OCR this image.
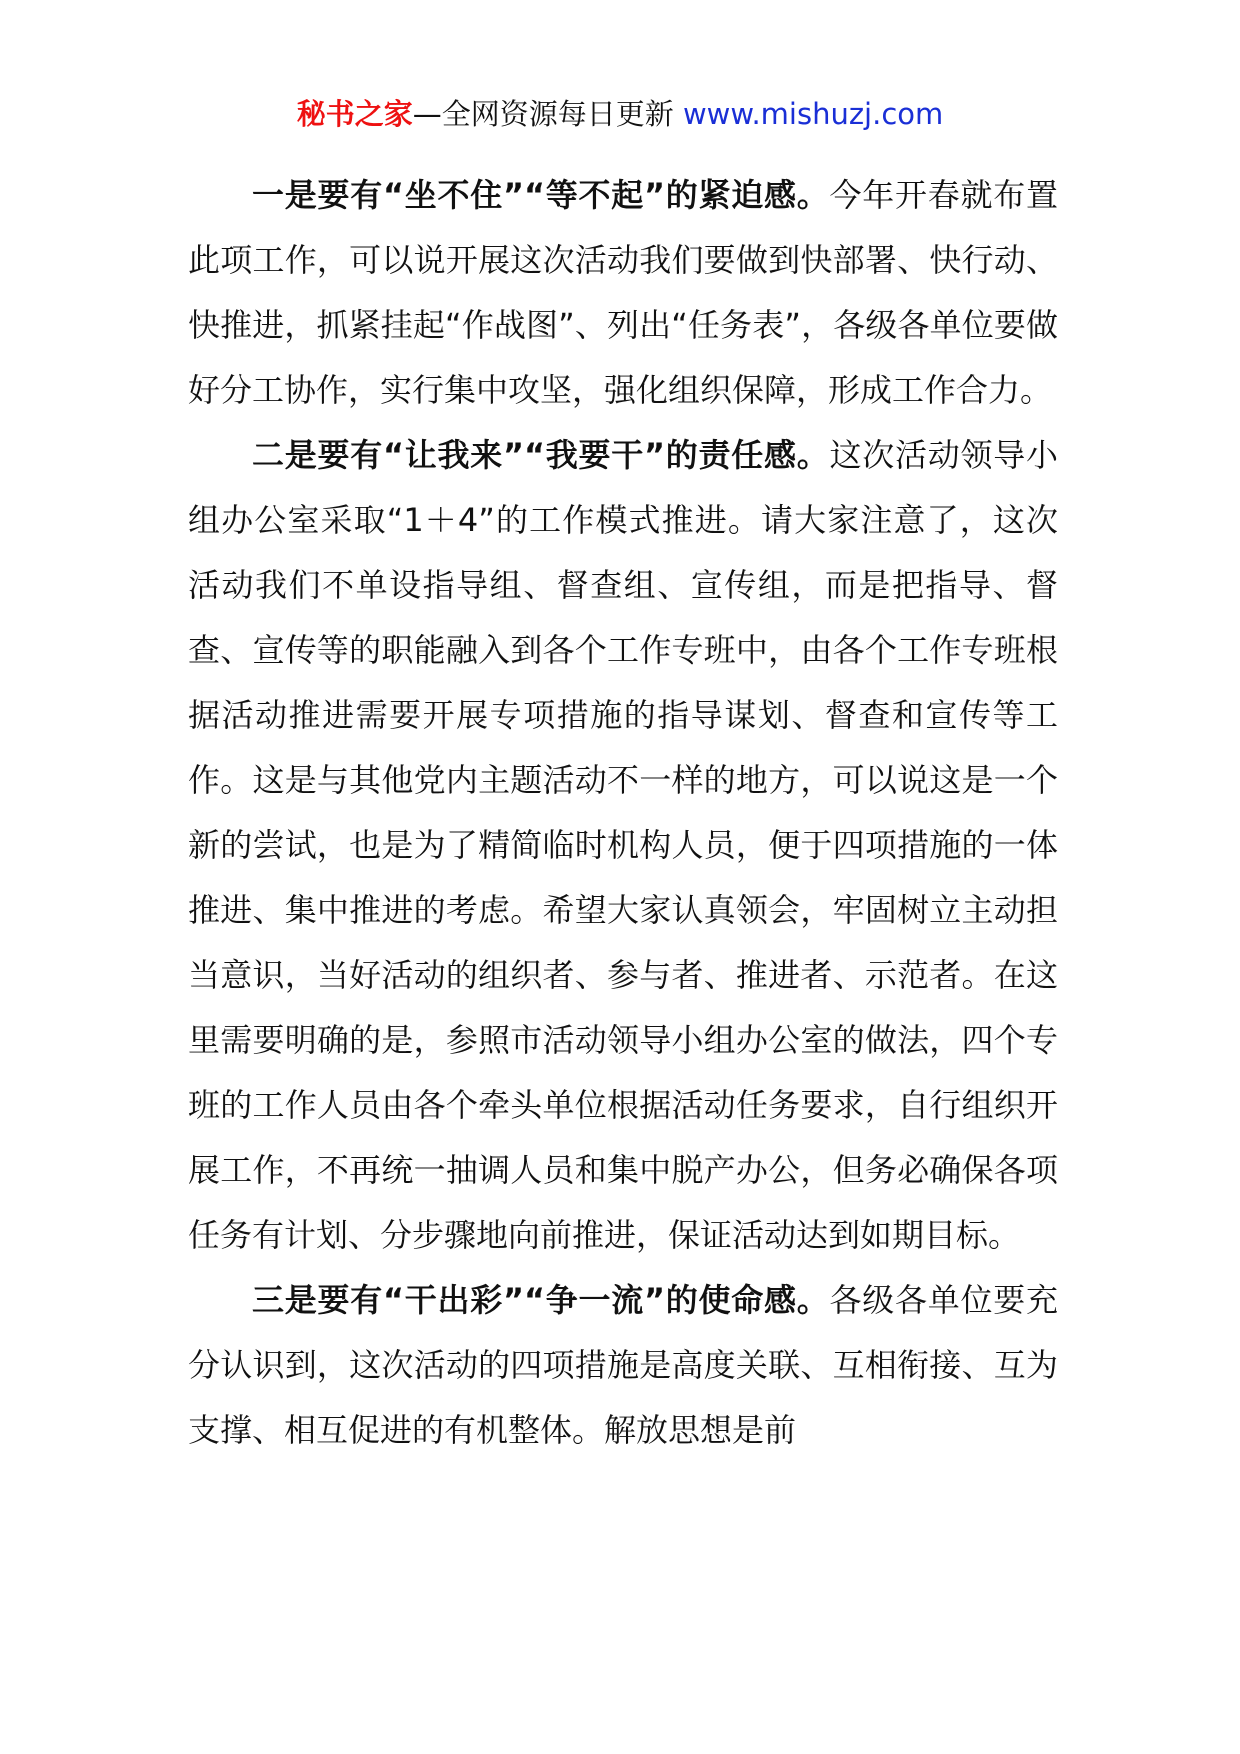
秘书之家—全网资源每日更新 www.mishuzj.com

一是要有“坐不住”“等不起”的紧迫感。今年开春就布置此项工作，可以说开展这次活动我们要做到快部署、快行动、快推进，抓紧挂起“作战图”、列出“任务表”，各级各单位要做好分工协作，实行集中攻坚，强化组织保障，形成工作合力。

二是要有“让我来”“我要干”的责任感。这次活动领导小组办公室采取“1＋4”的工作模式推进。请大家注意了，这次活动我们不单设指导组、督查组、宣传组，而是把指导、督查、宣传等的职能融入到各个工作专班中，由各个工作专班根据活动推进需要开展专项措施的指导谋划、督查和宣传等工作。这是与其他党内主题活动不一样的地方，可以说这是一个新的尝试，也是为了精简临时机构人员，便于四项措施的一体推进、集中推进的考虑。希望大家认真领会，牢固树立主动担当意识，当好活动的组织者、参与者、推进者、示范者。在这里需要明确的是，参照市活动领导小组办公室的做法，四个专班的工作人员由各个牵头单位根据活动任务要求，自行组织开展工作，不再统一抽调人员和集中脱产办公，但务必确保各项任务有计划、分步骤地向前推进，保证活动达到如期目标。

三是要有“干出彩”“争一流”的使命感。各级各单位要充分认识到，这次活动的四项措施是高度关联、互相衔接、互为支撑、相互促进的有机整体。解放思想是前
